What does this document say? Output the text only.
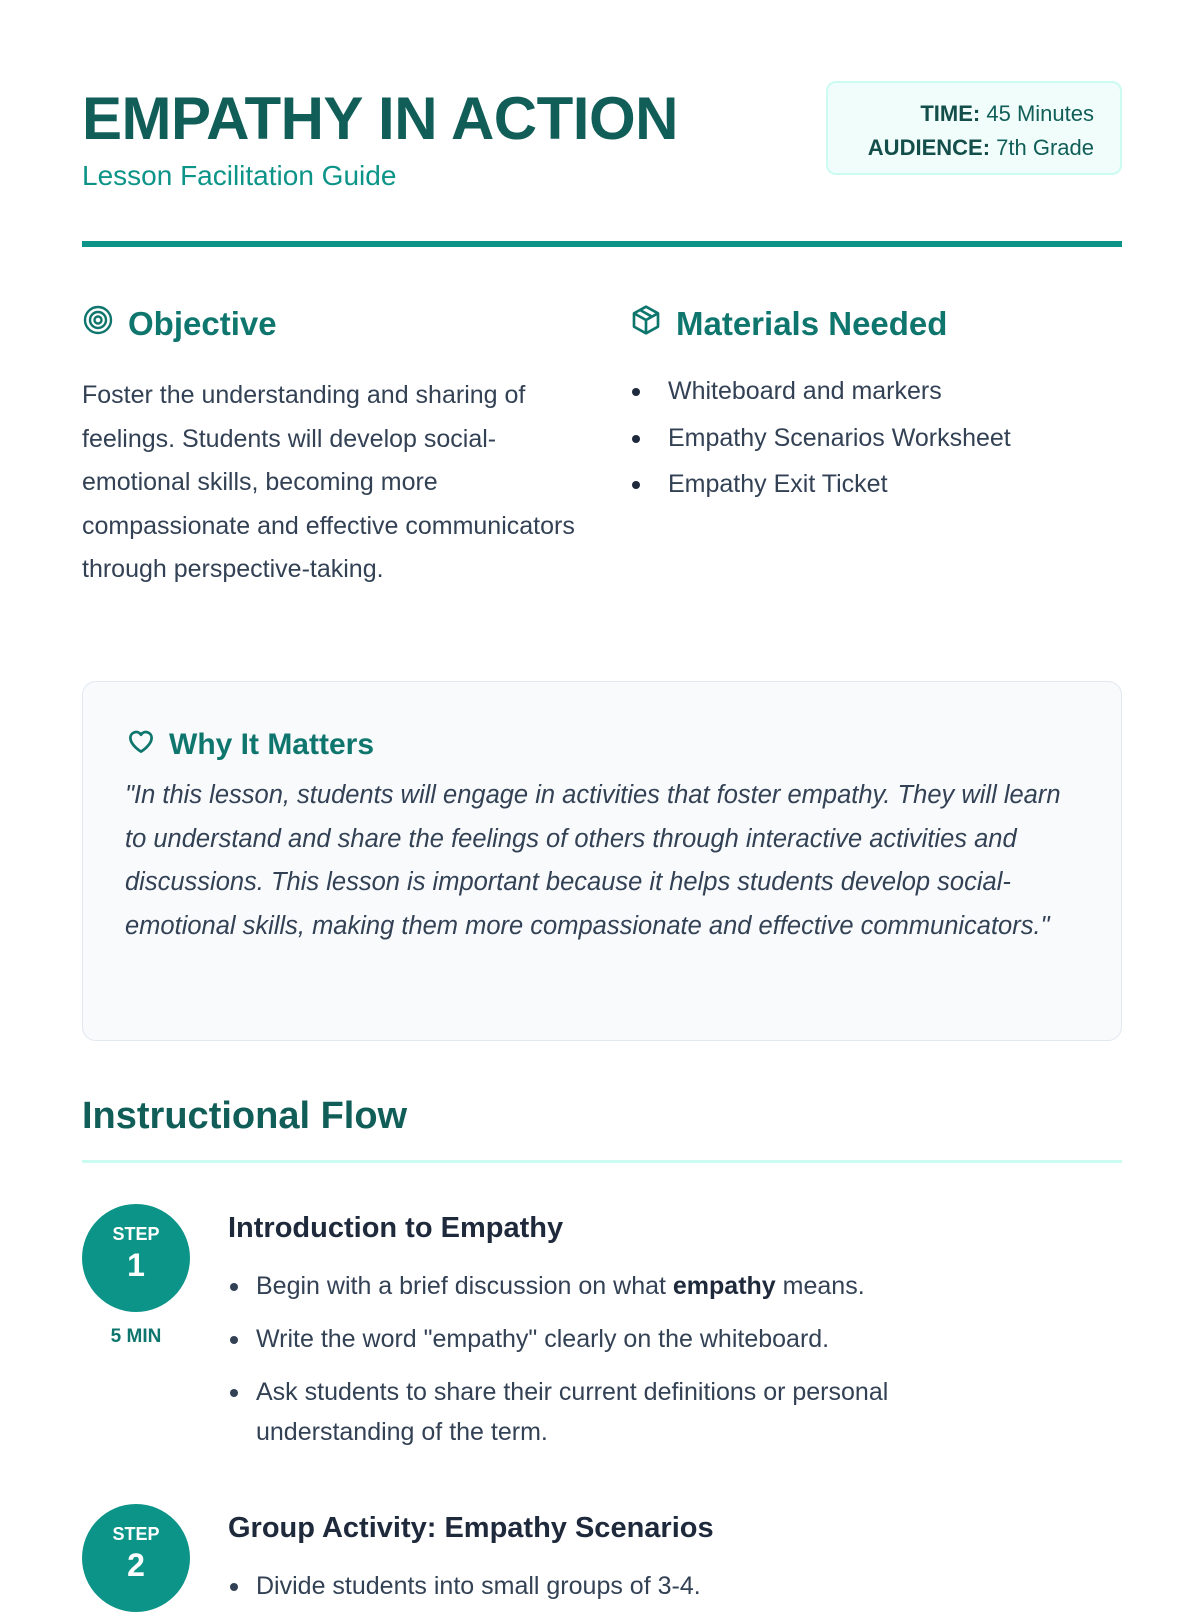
EMPATHY IN ACTION
Lesson Facilitation Guide
TIME: 45 Minutes
AUDIENCE: 7th Grade
Objective

Foster the understanding and sharing of feelings. Students will develop social-emotional skills, becoming more compassionate and effective communicators through perspective-taking.

Materials Needed
Whiteboard and markers
Empathy Scenarios Worksheet
Empathy Exit Ticket
Why It Matters

"In this lesson, students will engage in activities that foster empathy. They will learn to understand and share the feelings of others through interactive activities and discussions. This lesson is important because it helps students develop social-emotional skills, making them more compassionate and effective communicators."

Instructional Flow
STEP
1
5 MIN
Introduction to Empathy
Begin with a brief discussion on what empathy means.
Write the word "empathy" clearly on the whiteboard.
Ask students to share their current definitions or personal understanding of the term.
STEP
2
Group Activity: Empathy Scenarios
Divide students into small groups of 3-4.
